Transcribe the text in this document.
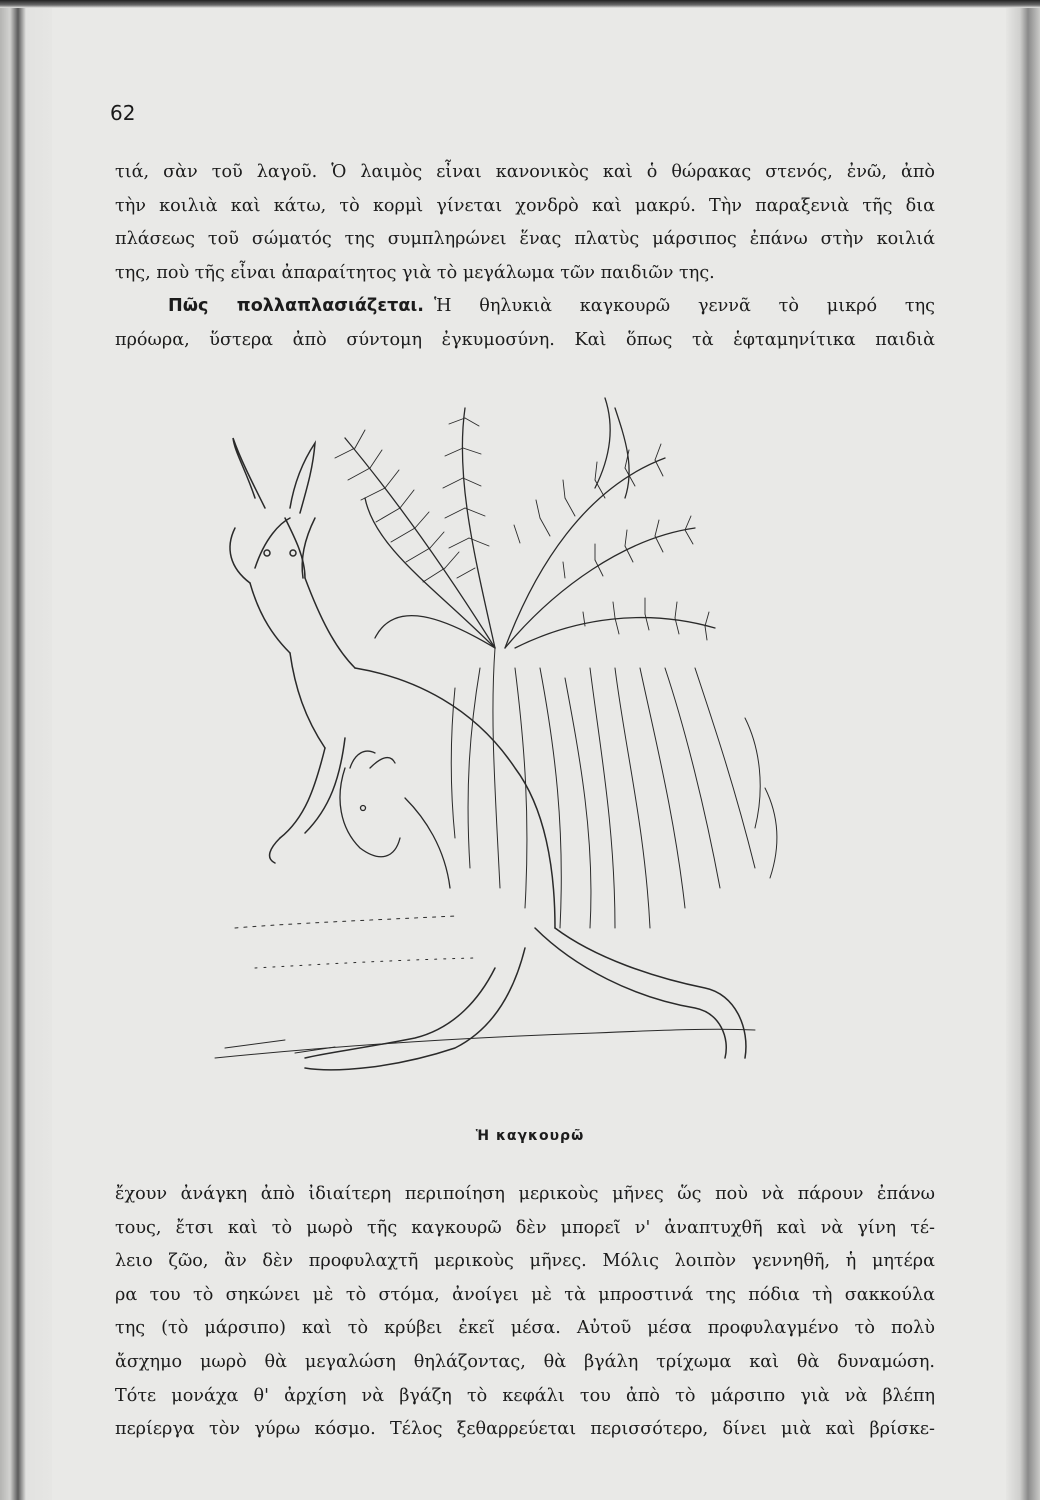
62
τιά, σὰν τοῦ λαγοῦ. Ὁ λαιμὸς εἶναι κανονικὸς καὶ ὁ θώρακας στενός, ἐνῶ, ἀπὸ
τὴν κοιλιὰ καὶ κάτω, τὸ κορμὶ γίνεται χονδρὸ καὶ μακρύ. Τὴν παραξενιὰ τῆς δια
πλάσεως τοῦ σώματός της συμπληρώνει ἕνας πλατὺς μάρσιπος ἐπάνω στὴν κοιλιά
της, ποὺ τῆς εἶναι ἀπαραίτητος γιὰ τὸ μεγάλωμα τῶν παιδιῶν της.
Πῶς πολλαπλασιάζεται. Ἡ θηλυκιὰ καγκουρῶ γεννᾶ τὸ μικρό της
πρόωρα, ὕστερα ἀπὸ σύντομη ἐγκυμοσύνη. Καὶ ὅπως τὰ ἑφταμηνίτικα παιδιὰ
Ἡ καγκουρῶ
ἔχουν ἀνάγκη ἀπὸ ἰδιαίτερη περιποίηση μερικοὺς μῆνες ὥς ποὺ νὰ πάρουν ἐπάνω
τους, ἔτσι καὶ τὸ μωρὸ τῆς καγκουρῶ δὲν μπορεῖ ν' ἀναπτυχθῆ καὶ νὰ γίνη τέ-
λειο ζῶο, ἂν δὲν προφυλαχτῆ μερικοὺς μῆνες. Μόλις λοιπὸν γεννηθῆ, ἡ μητέρα
ρα του τὸ σηκώνει μὲ τὸ στόμα, ἀνοίγει μὲ τὰ μπροστινά της πόδια τὴ σακκούλα
της (τὸ μάρσιπο) καὶ τὸ κρύβει ἐκεῖ μέσα. Αὐτοῦ μέσα προφυλαγμένο τὸ πολὺ
ἄσχημο μωρὸ θὰ μεγαλώση θηλάζοντας, θὰ βγάλη τρίχωμα καὶ θὰ δυναμώση.
Τότε μονάχα θ' ἀρχίση νὰ βγάζη τὸ κεφάλι του ἀπὸ τὸ μάρσιπο γιὰ νὰ βλέπη
περίεργα τὸν γύρω κόσμο. Τέλος ξεθαρρεύεται περισσότερο, δίνει μιὰ καὶ βρίσκε-
